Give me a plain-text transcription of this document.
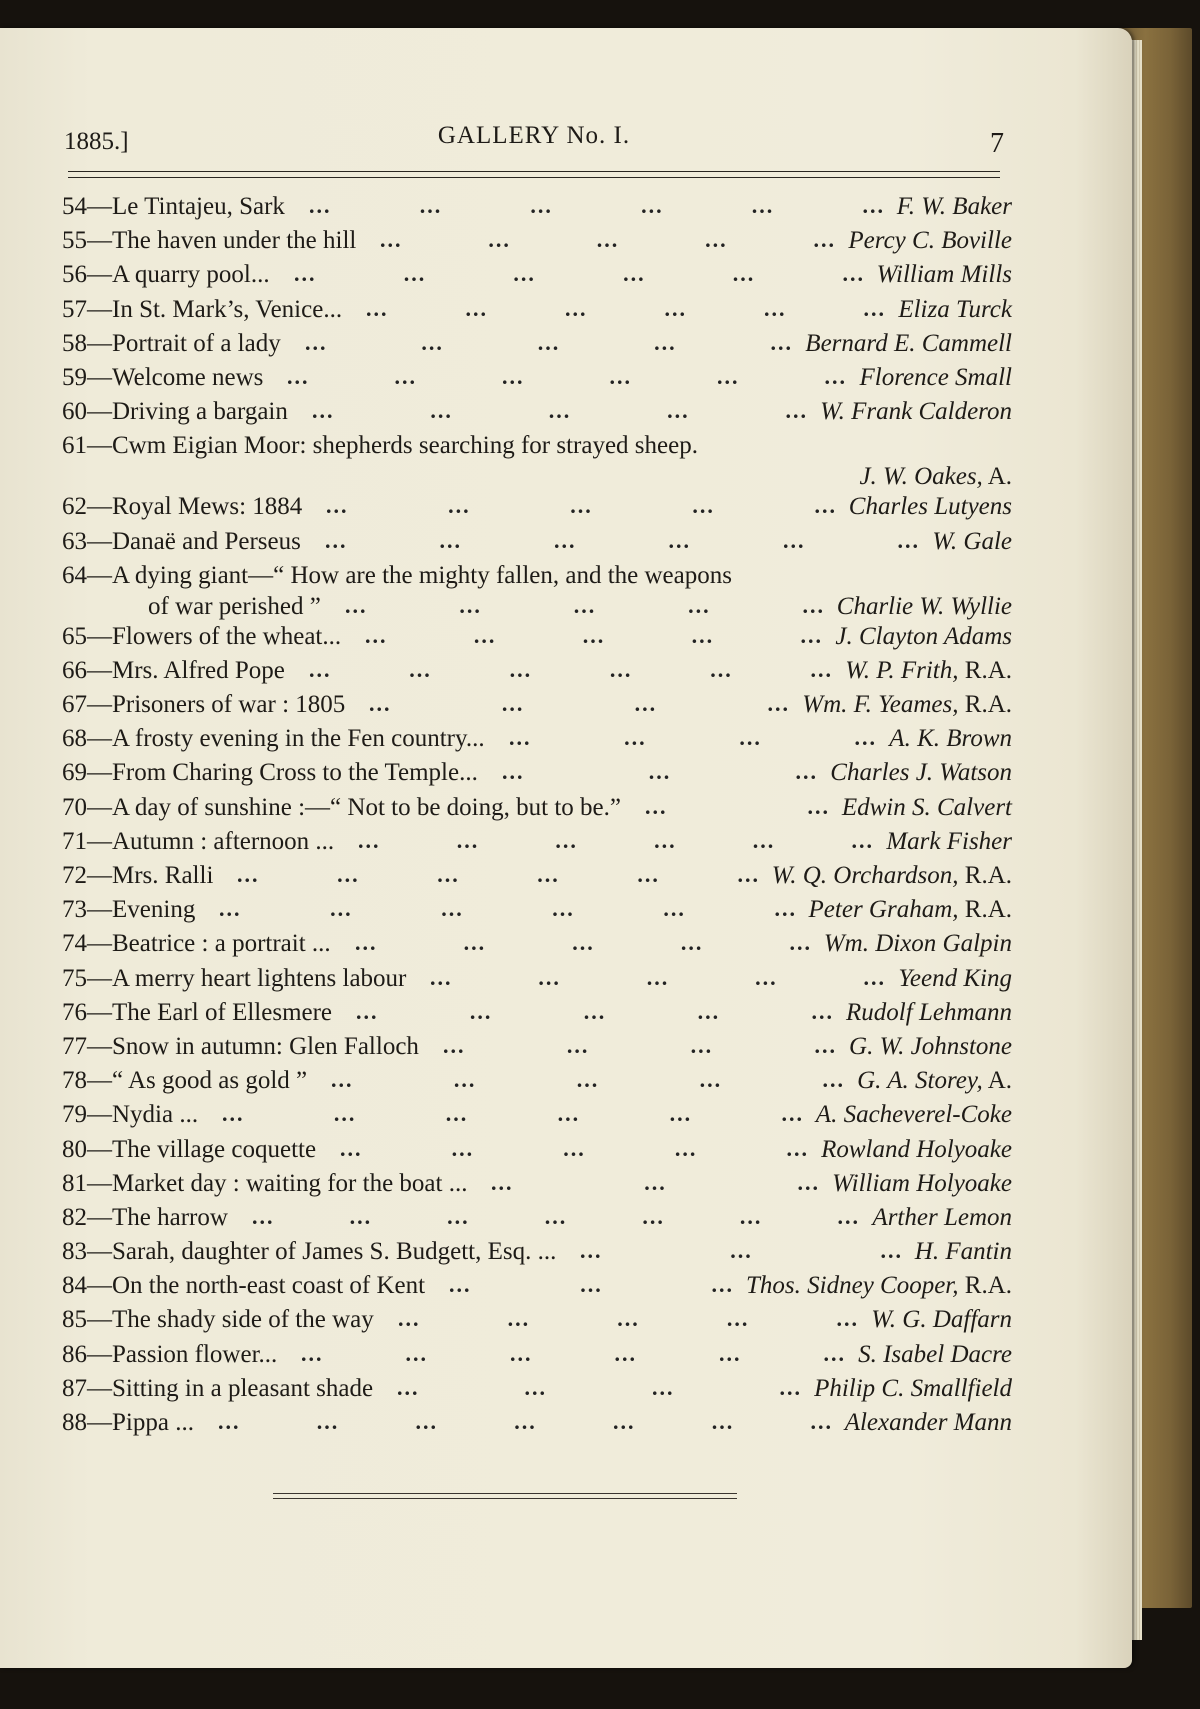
1885.]	GALLERY No. I.	7
54—Le Tintajeu, Sark	F. W. Baker
...	...	...	...	...	...
55—The haven under the hill	Percy C. Boville
...	...	...	...	...
56—A quarry pool...	William Mills
...	...	...	...	...	...
57—In St. Mark’s, Venice...	Eliza Turck
...	...	...	...	...	...
58—Portrait of a lady	Bernard E. Cammell
...	...	...	...	...
59—Welcome news	Florence Small
...	...	...	...	...	...
60—Driving a bargain	W. Frank Calderon
...	...	...	...	...
61—Cwm Eigian Moor: shepherds searching for strayed sheep.
J. W. Oakes, A.
62—Royal Mews: 1884	Charles Lutyens
...	...	...	...	...
63—Danaë and Perseus	W. Gale
...	...	...	...	...	...
64—A dying giant—“ How are the mighty fallen, and the weapons
of war perished ”	Charlie W. Wyllie
...	...	...	...	...
65—Flowers of the wheat...	J. Clayton Adams
...	...	...	...	...
66—Mrs. Alfred Pope	W. P. Frith, R.A.
...	...	...	...	...	...
67—Prisoners of war : 1805	Wm. F. Yeames, R.A.
...	...	...	...
68—A frosty evening in the Fen country...	A. K. Brown
...	...	...	...
69—From Charing Cross to the Temple...	Charles J. Watson
...	...	...
70—A day of sunshine :—“ Not to be doing, but to be.”	Edwin S. Calvert
...	...
71—Autumn : afternoon ...	Mark Fisher
...	...	...	...	...	...
72—Mrs. Ralli	W. Q. Orchardson, R.A.
...	...	...	...	...	...
73—Evening	Peter Graham, R.A.
...	...	...	...	...	...
74—Beatrice : a portrait ...	Wm. Dixon Galpin
...	...	...	...	...
75—A merry heart lightens labour	Yeend King
...	...	...	...	...
76—The Earl of Ellesmere	Rudolf Lehmann
...	...	...	...	...
77—Snow in autumn: Glen Falloch	G. W. Johnstone
...	...	...	...
78—“ As good as gold ”	G. A. Storey, A.
...	...	...	...	...
79—Nydia ...	A. Sacheverel-Coke
...	...	...	...	...	...
80—The village coquette	Rowland Holyoake
...	...	...	...	...
81—Market day : waiting for the boat ...	William Holyoake
...	...	...
82—The harrow	Arther Lemon
...	...	...	...	...	...	...
83—Sarah, daughter of James S. Budgett, Esq. ...	H. Fantin
...	...	...
84—On the north-east coast of Kent	Thos. Sidney Cooper, R.A.
...	...	...
85—The shady side of the way	W. G. Daffarn
...	...	...	...	...
86—Passion flower...	S. Isabel Dacre
...	...	...	...	...	...
87—Sitting in a pleasant shade	Philip C. Smallfield
...	...	...	...
88—Pippa ...	Alexander Mann
...	...	...	...	...	...	...
